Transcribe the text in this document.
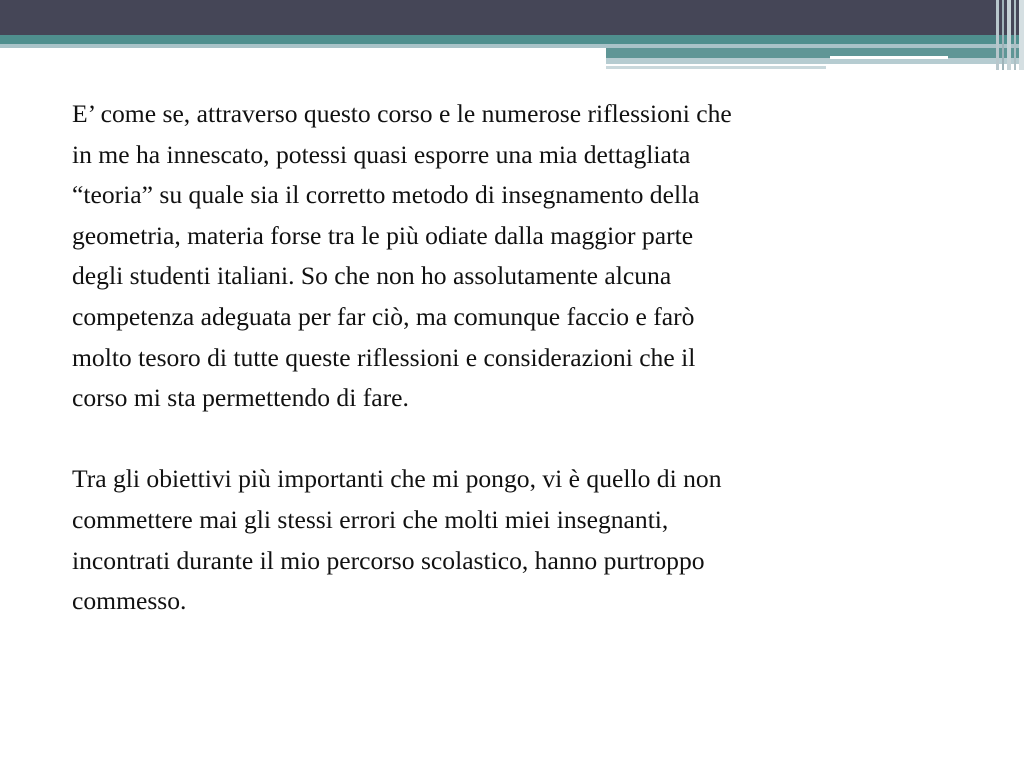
E’ come se, attraverso questo corso e le numerose riflessioni che
in me ha innescato, potessi quasi esporre una mia dettagliata
“teoria” su quale sia il corretto metodo di insegnamento della
geometria, materia forse tra le più odiate dalla maggior parte
degli studenti italiani. So che non ho assolutamente alcuna
competenza adeguata per far ciò, ma comunque faccio e farò
molto tesoro di tutte queste riflessioni e considerazioni che il
corso mi sta permettendo di fare.

Tra gli obiettivi più importanti che mi pongo, vi è quello di non
commettere mai gli stessi errori che molti miei insegnanti,
incontrati durante il mio percorso scolastico, hanno purtroppo
commesso.
